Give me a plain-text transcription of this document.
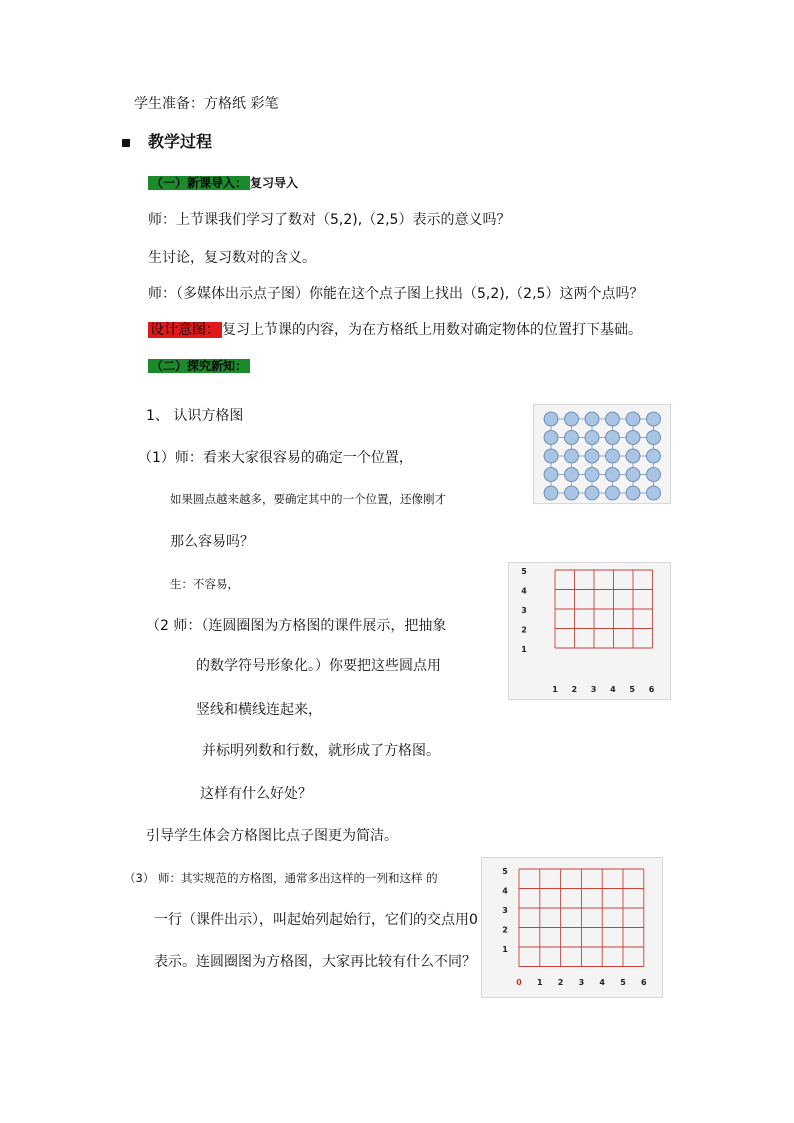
学生准备：方格纸 彩笔
教学过程
（一）新课导入： 复习导入
师：上节课我们学习了数对（5,2),（2,5）表示的意义吗？
生讨论，复习数对的含义。
师：（多媒体出示点子图）你能在这个点子图上找出（5,2),（2,5）这两个点吗？
设计意图： 复习上节课的内容，为在方格纸上用数对确定物体的位置打下基础。
（二）探究新知：
1、 认识方格图
（1）师：看来大家很容易的确定一个位置，
如果圆点越来越多，要确定其中的一个位置，还像刚才
那么容易吗？
生：不容易，
（2 师：（连圆圈图为方格图的课件展示，把抽象
的数学符号形象化。）你要把这些圆点用
竖线和横线连起来，
并标明列数和行数，就形成了方格图。
这样有什么好处？
引导学生体会方格图比点子图更为简洁。
（3） 师：其实规范的方格图，通常多出这样的一列和这样 的
一行（课件出示），叫起始列起始行，它们的交点用0
表示。连圆圈图为方格图，大家再比较有什么不同？
5
4
3
2
1
1 2 3 4 5 6
5
4
3
2
1
0 1 2 3 4 5 6
